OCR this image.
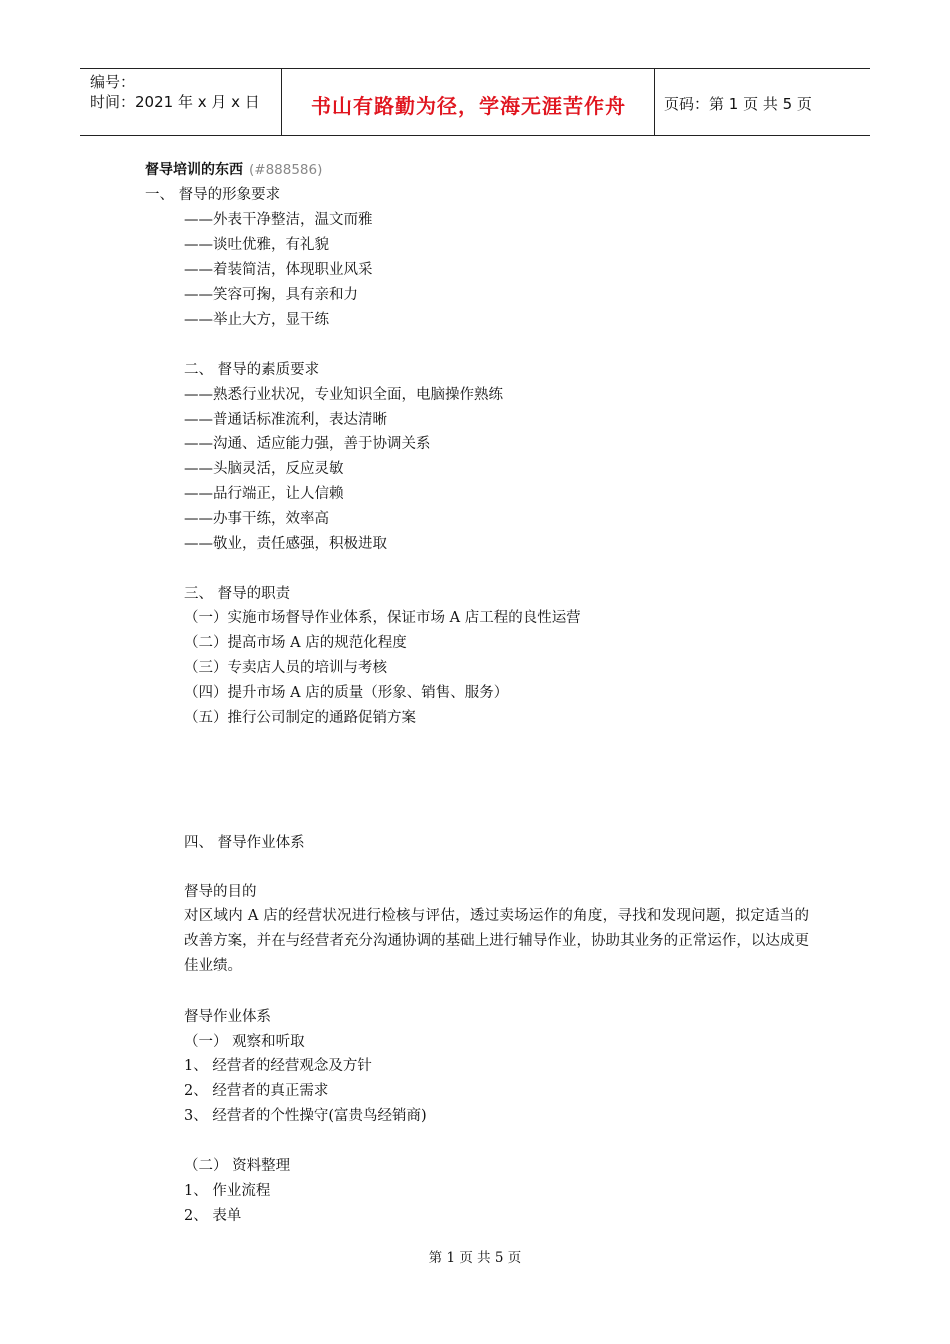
编号：
时间：2021 年 x 月 x 日	书山有路勤为径，学海无涯苦作舟	页码：第 1 页 共 5 页
督导培训的东西 (#888586)
一、 督导的形象要求
——外表干净整洁，温文而雅
——谈吐优雅，有礼貌
——着装简洁，体现职业风采
——笑容可掬，具有亲和力
——举止大方，显干练
二、 督导的素质要求
——熟悉行业状况，专业知识全面，电脑操作熟练
——普通话标准流利，表达清晰
——沟通、适应能力强，善于协调关系
——头脑灵活，反应灵敏
——品行端正，让人信赖
——办事干练，效率高
——敬业，责任感强，积极进取
三、 督导的职责
（一）实施市场督导作业体系，保证市场 A 店工程的良性运营
（二）提高市场 A 店的规范化程度
（三）专卖店人员的培训与考核
（四）提升市场 A 店的质量（形象、销售、服务）
（五）推行公司制定的通路促销方案
四、 督导作业体系
督导的目的
对区域内 A 店的经营状况进行检核与评估，透过卖场运作的角度，寻找和发现问题，拟定适当的改善方案，并在与经营者充分沟通协调的基础上进行辅导作业，协助其业务的正常运作，以达成更佳业绩。
督导作业体系
（一） 观察和听取
1、 经营者的经营观念及方针
2、 经营者的真正需求
3、 经营者的个性操守(富贵鸟经销商)
（二） 资料整理
1、 作业流程
2、 表单
第 1 页 共 5 页
